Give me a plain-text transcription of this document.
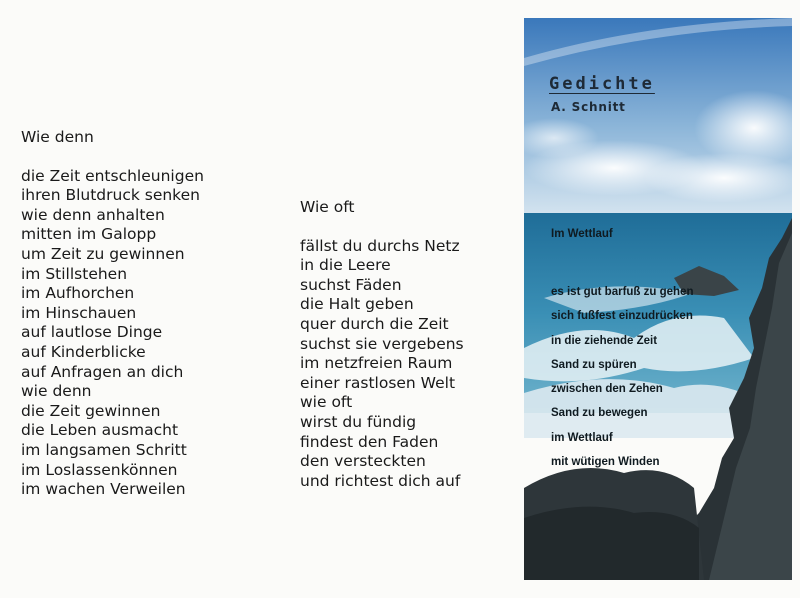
Wie denn
die Zeit entschleunigen
ihren Blutdruck senken
wie denn anhalten
mitten im Galopp
um Zeit zu gewinnen
im Stillstehen
im Aufhorchen
im Hinschauen
auf lautlose Dinge
auf Kinderblicke
auf Anfragen an dich
wie denn
die Zeit gewinnen
die Leben ausmacht
im langsamen Schritt
im Loslassenkönnen
im wachen Verweilen
Wie oft
fällst du durchs Netz
in die Leere
suchst Fäden
die Halt geben
quer durch die Zeit
suchst sie vergebens
im netzfreien Raum
einer rastlosen Welt
wie oft
wirst du fündig
findest den Faden
den versteckten
und richtest dich auf
Gedichte
A. Schnitt
Im Wettlauf
es ist gut barfuß zu gehen
sich fußfest einzudrücken
in die ziehende Zeit
Sand zu spüren
zwischen den Zehen
Sand zu bewegen
im Wettlauf
mit wütigen Winden
